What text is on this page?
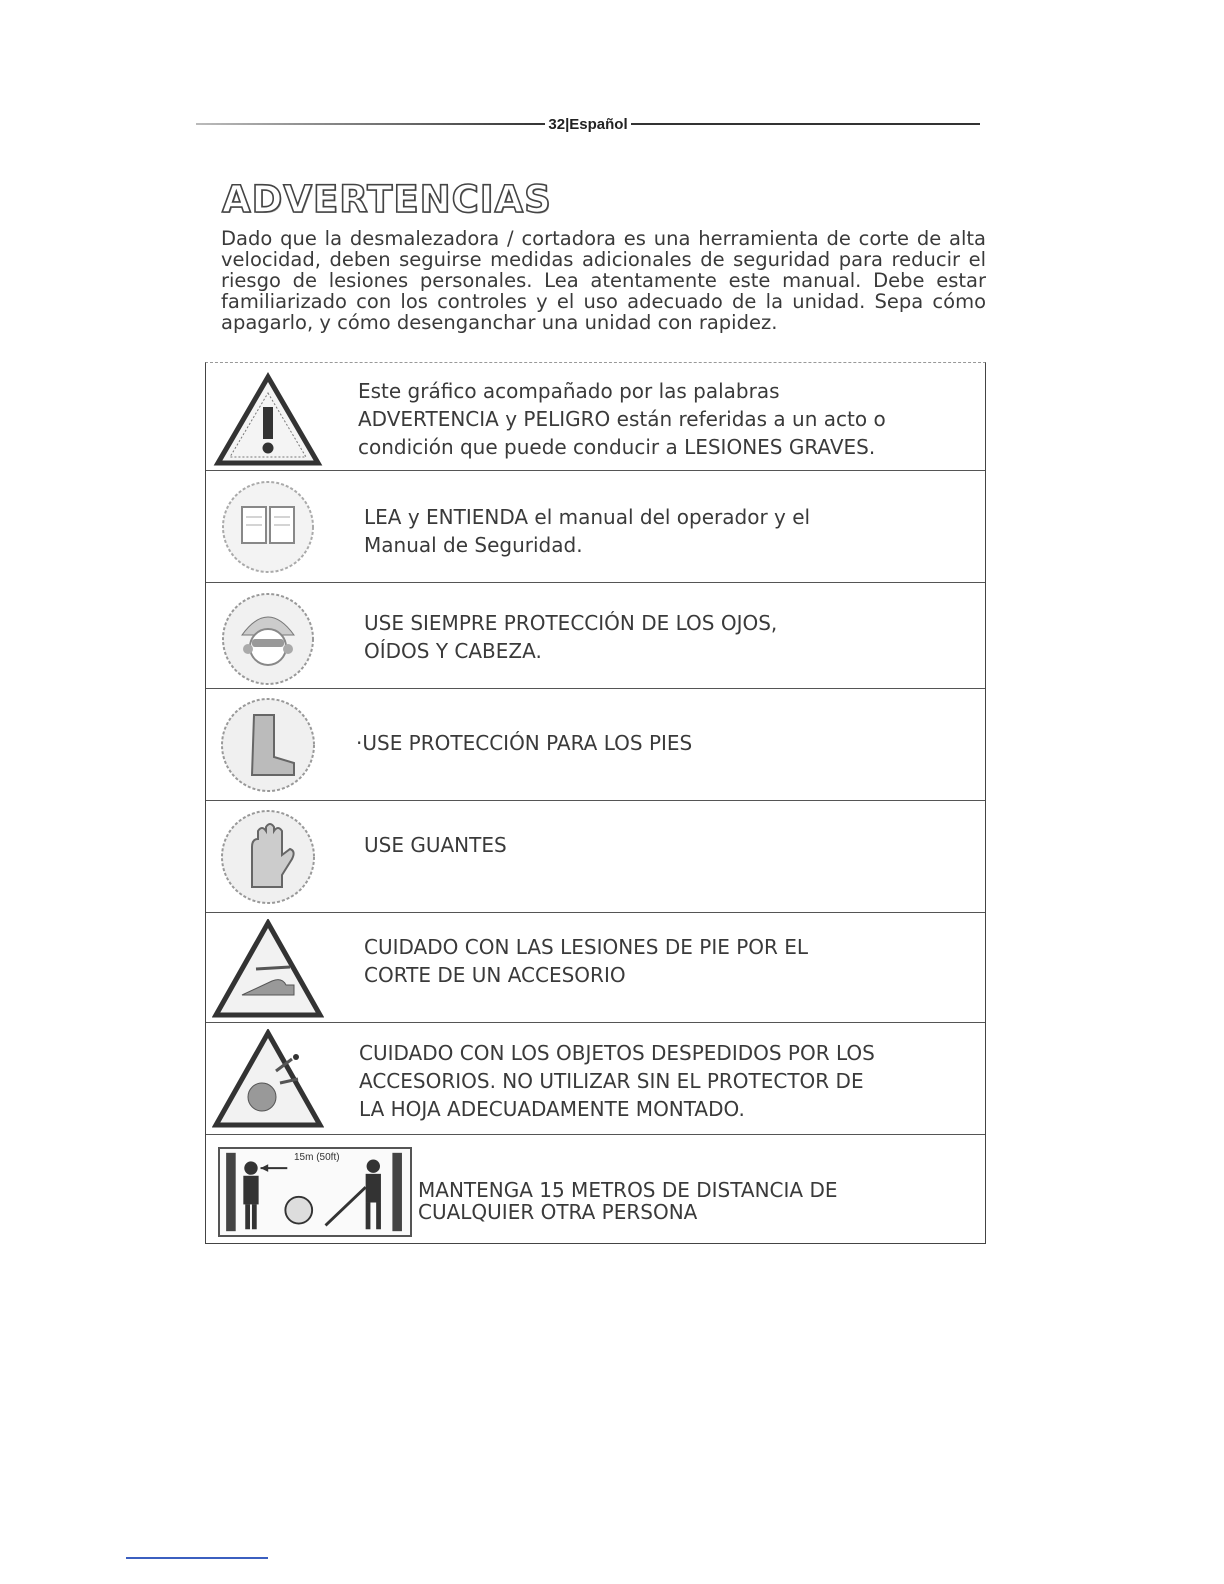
32|Español
ADVERTENCIAS

Dado que la desmalezadora / cortadora es una herramienta de corte de alta velocidad, deben seguirse medidas adicionales de seguridad para reducir el riesgo de lesiones personales. Lea atentamente este manual. Debe estar familiarizado con los controles y el uso adecuado de la unidad. Sepa cómo apagarlo, y cómo desenganchar una unidad con rapidez.

Este gráfico acompañado por las palabras
ADVERTENCIA y PELIGRO están referidas a un acto o
condición que puede conducir a LESIONES GRAVES.

LEA y ENTIENDA el manual del operador y el
Manual de Seguridad.

USE SIEMPRE PROTECCIÓN DE LOS OJOS,
OÍDOS Y CABEZA.

·USE PROTECCIÓN PARA LOS PIES

USE GUANTES

CUIDADO CON LAS LESIONES DE PIE POR EL
CORTE DE UN ACCESORIO

CUIDADO CON LOS OBJETOS DESPEDIDOS POR LOS
ACCESORIOS. NO UTILIZAR SIN EL PROTECTOR DE
LA HOJA ADECUADAMENTE MONTADO.

15m (50ft)

MANTENGA 15 METROS DE DISTANCIA DE
CUALQUIER OTRA PERSONA
